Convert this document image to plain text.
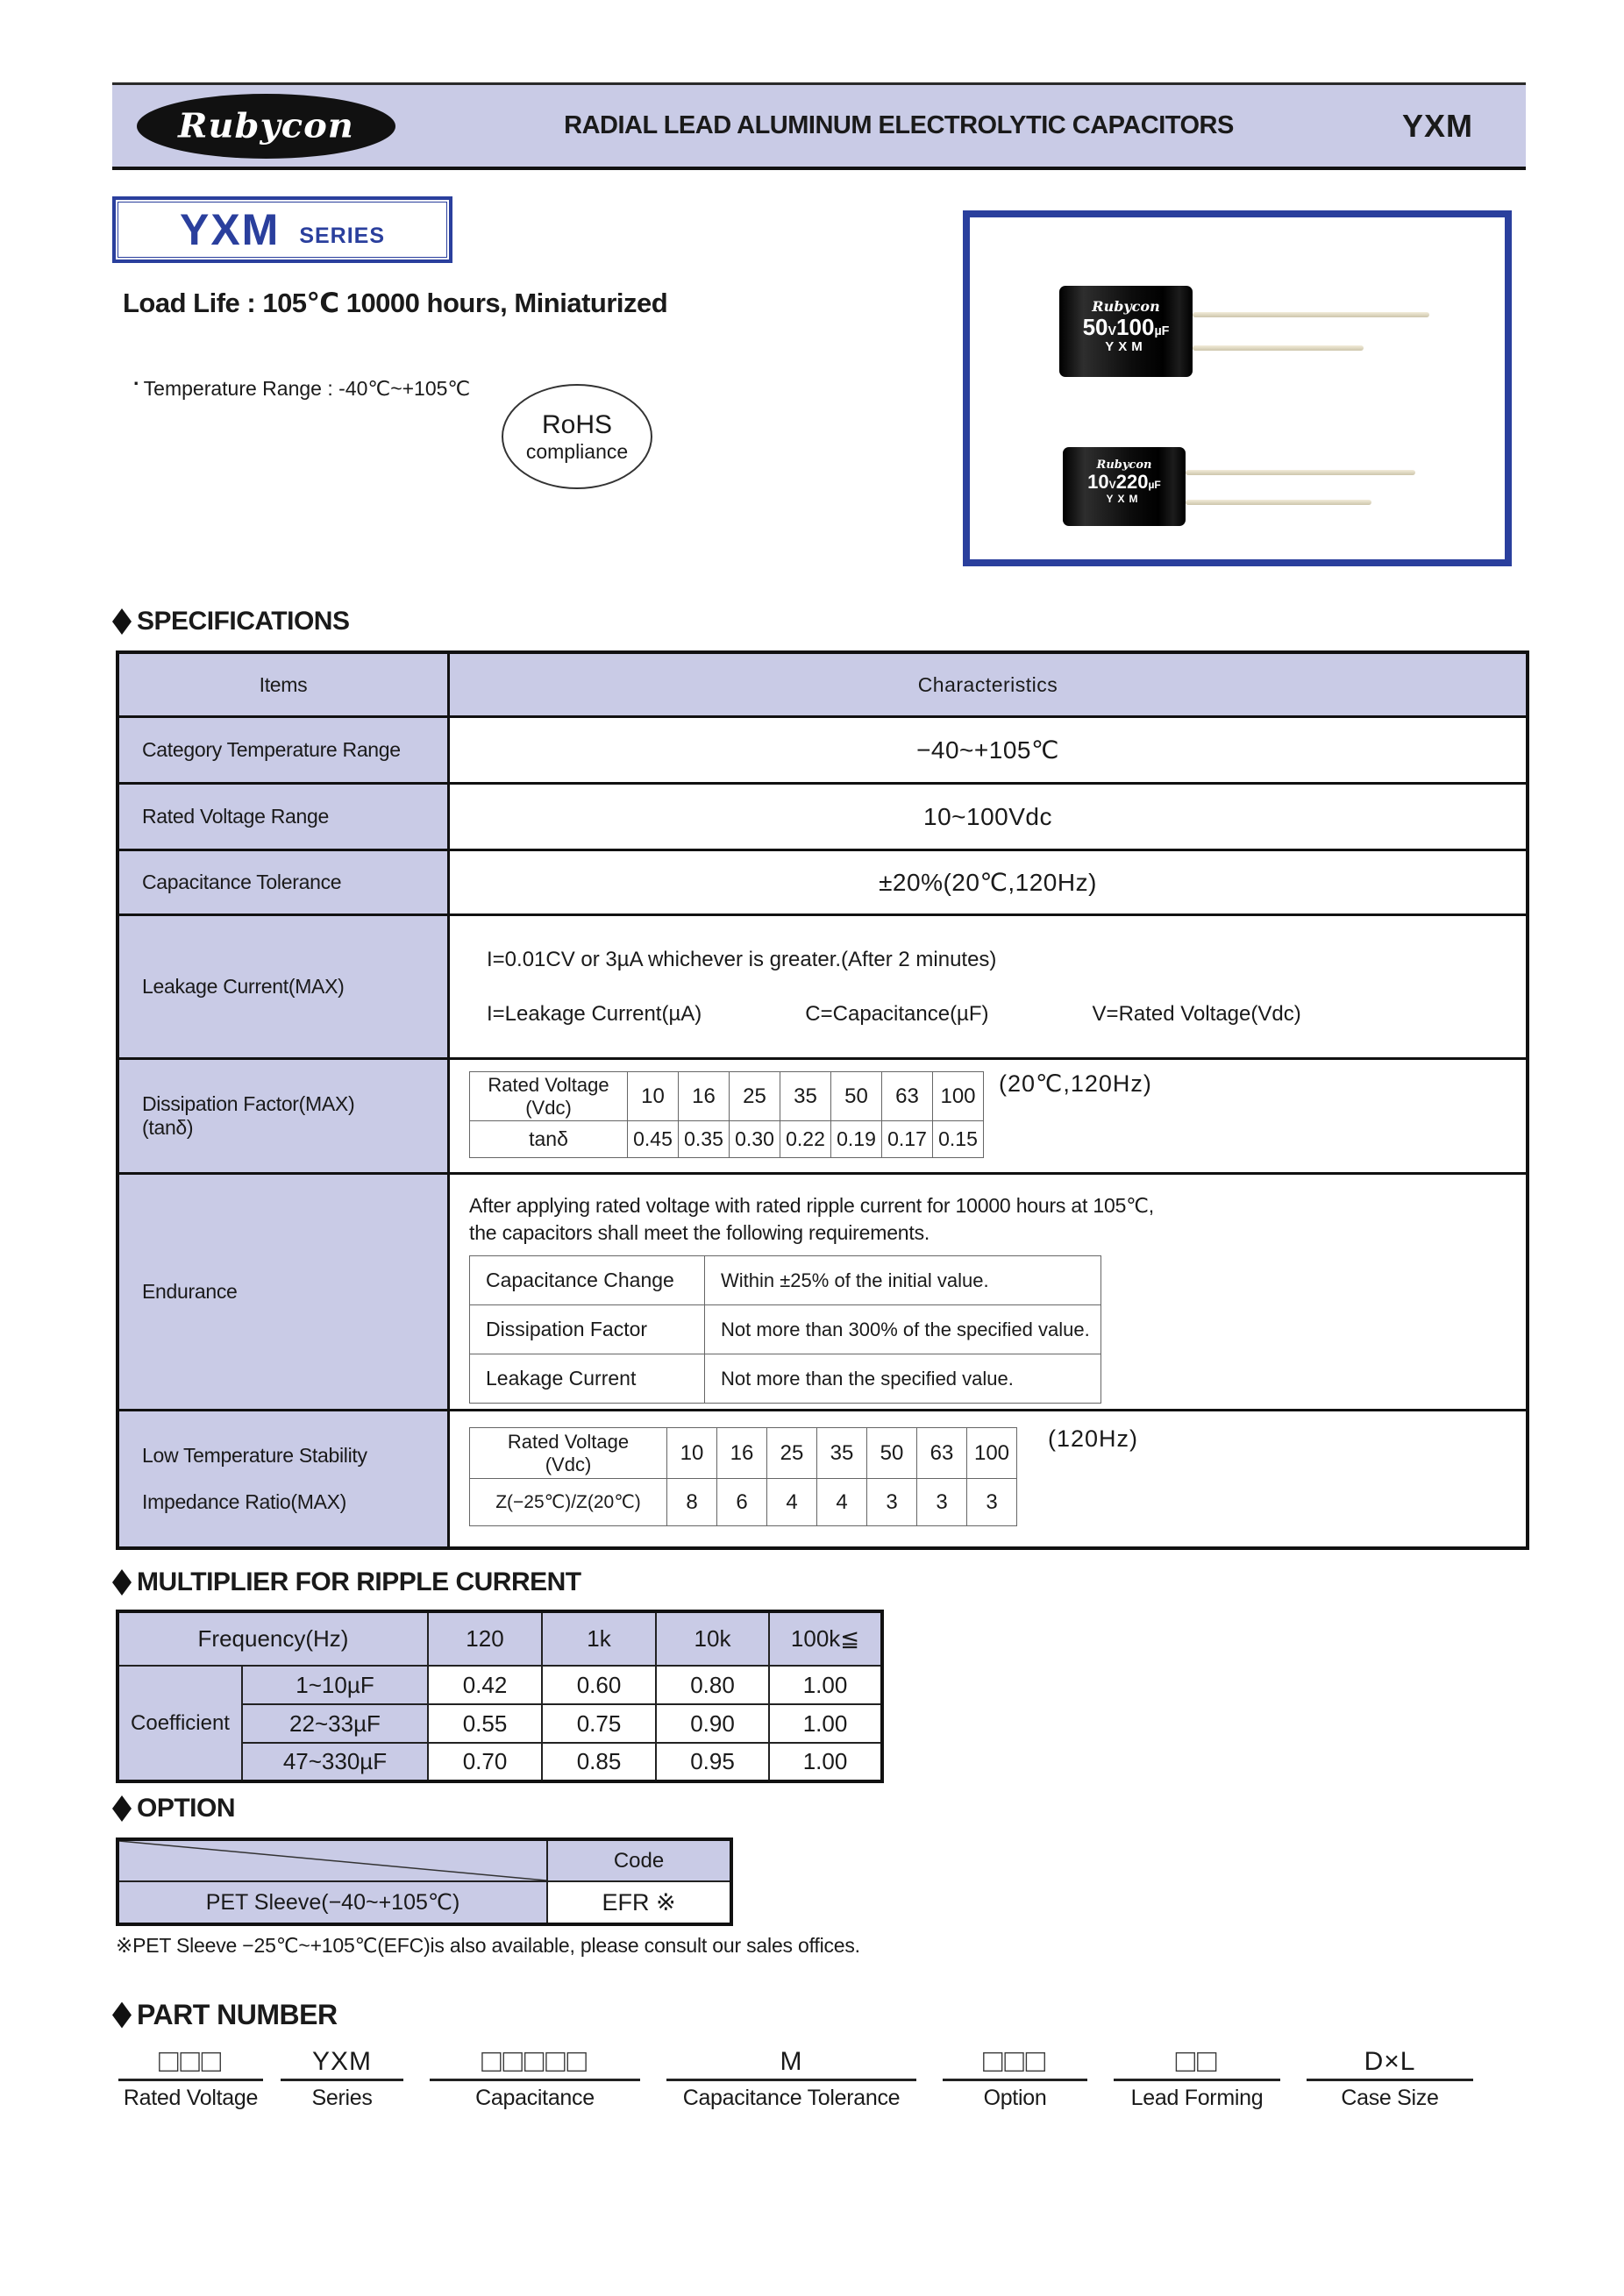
Rubycon	RADIAL LEAD ALUMINUM ELECTROLYTIC CAPACITORS	YXM
YXM SERIES
Load Life : 105℃ 10000 hours, Miniaturized
· Temperature Range : -40℃~+105℃
RoHS
compliance
Rubycon
50V100µF
YXM
Rubycon
10V220µF
YXM
SPECIFICATIONS
Items	Characteristics
Category Temperature Range	−40~+105℃
Rated Voltage Range	10~100Vdc
Capacitance Tolerance	±20%(20℃,120Hz)
Leakage Current(MAX)
I=0.01CV or 3µA whichever is greater.(After 2 minutes)
I=Leakage Current(µA)	C=Capacitance(µF)	V=Rated Voltage(Vdc)
Dissipation Factor(MAX)
(tanδ)
Rated Voltage
(Vdc)	10	16	25	35	50	63	100
tanδ	0.45	0.35	0.30	0.22	0.19	0.17	0.15
(20℃,120Hz)
Endurance
After applying rated voltage with rated ripple current for 10000 hours at 105℃,
the capacitors shall meet the following requirements.
Capacitance Change	Within ±25% of the initial value.
Dissipation Factor	Not more than 300% of the specified value.
Leakage Current	Not more than the specified value.
Low Temperature Stability
Impedance Ratio(MAX)
Rated Voltage
(Vdc)	10	16	25	35	50	63	100
Z(−25℃)/Z(20℃)	8	6	4	4	3	3	3
(120Hz)
MULTIPLIER FOR RIPPLE CURRENT
Frequency(Hz)		120	1k	10k	100k≦
Coefficient	1~10µF	0.42	0.60	0.80	1.00
	22~33µF	0.55	0.75	0.90	1.00
	47~330µF	0.70	0.85	0.95	1.00
OPTION
	Code
PET Sleeve(−40~+105℃)	EFR ※
※PET Sleeve −25℃~+105℃(EFC)is also available, please consult our sales offices.
PART NUMBER
□□□
Rated Voltage
YXM
Series
□□□□□
Capacitance
M
Capacitance Tolerance
□□□
Option
□□
Lead Forming
D×L
Case Size
